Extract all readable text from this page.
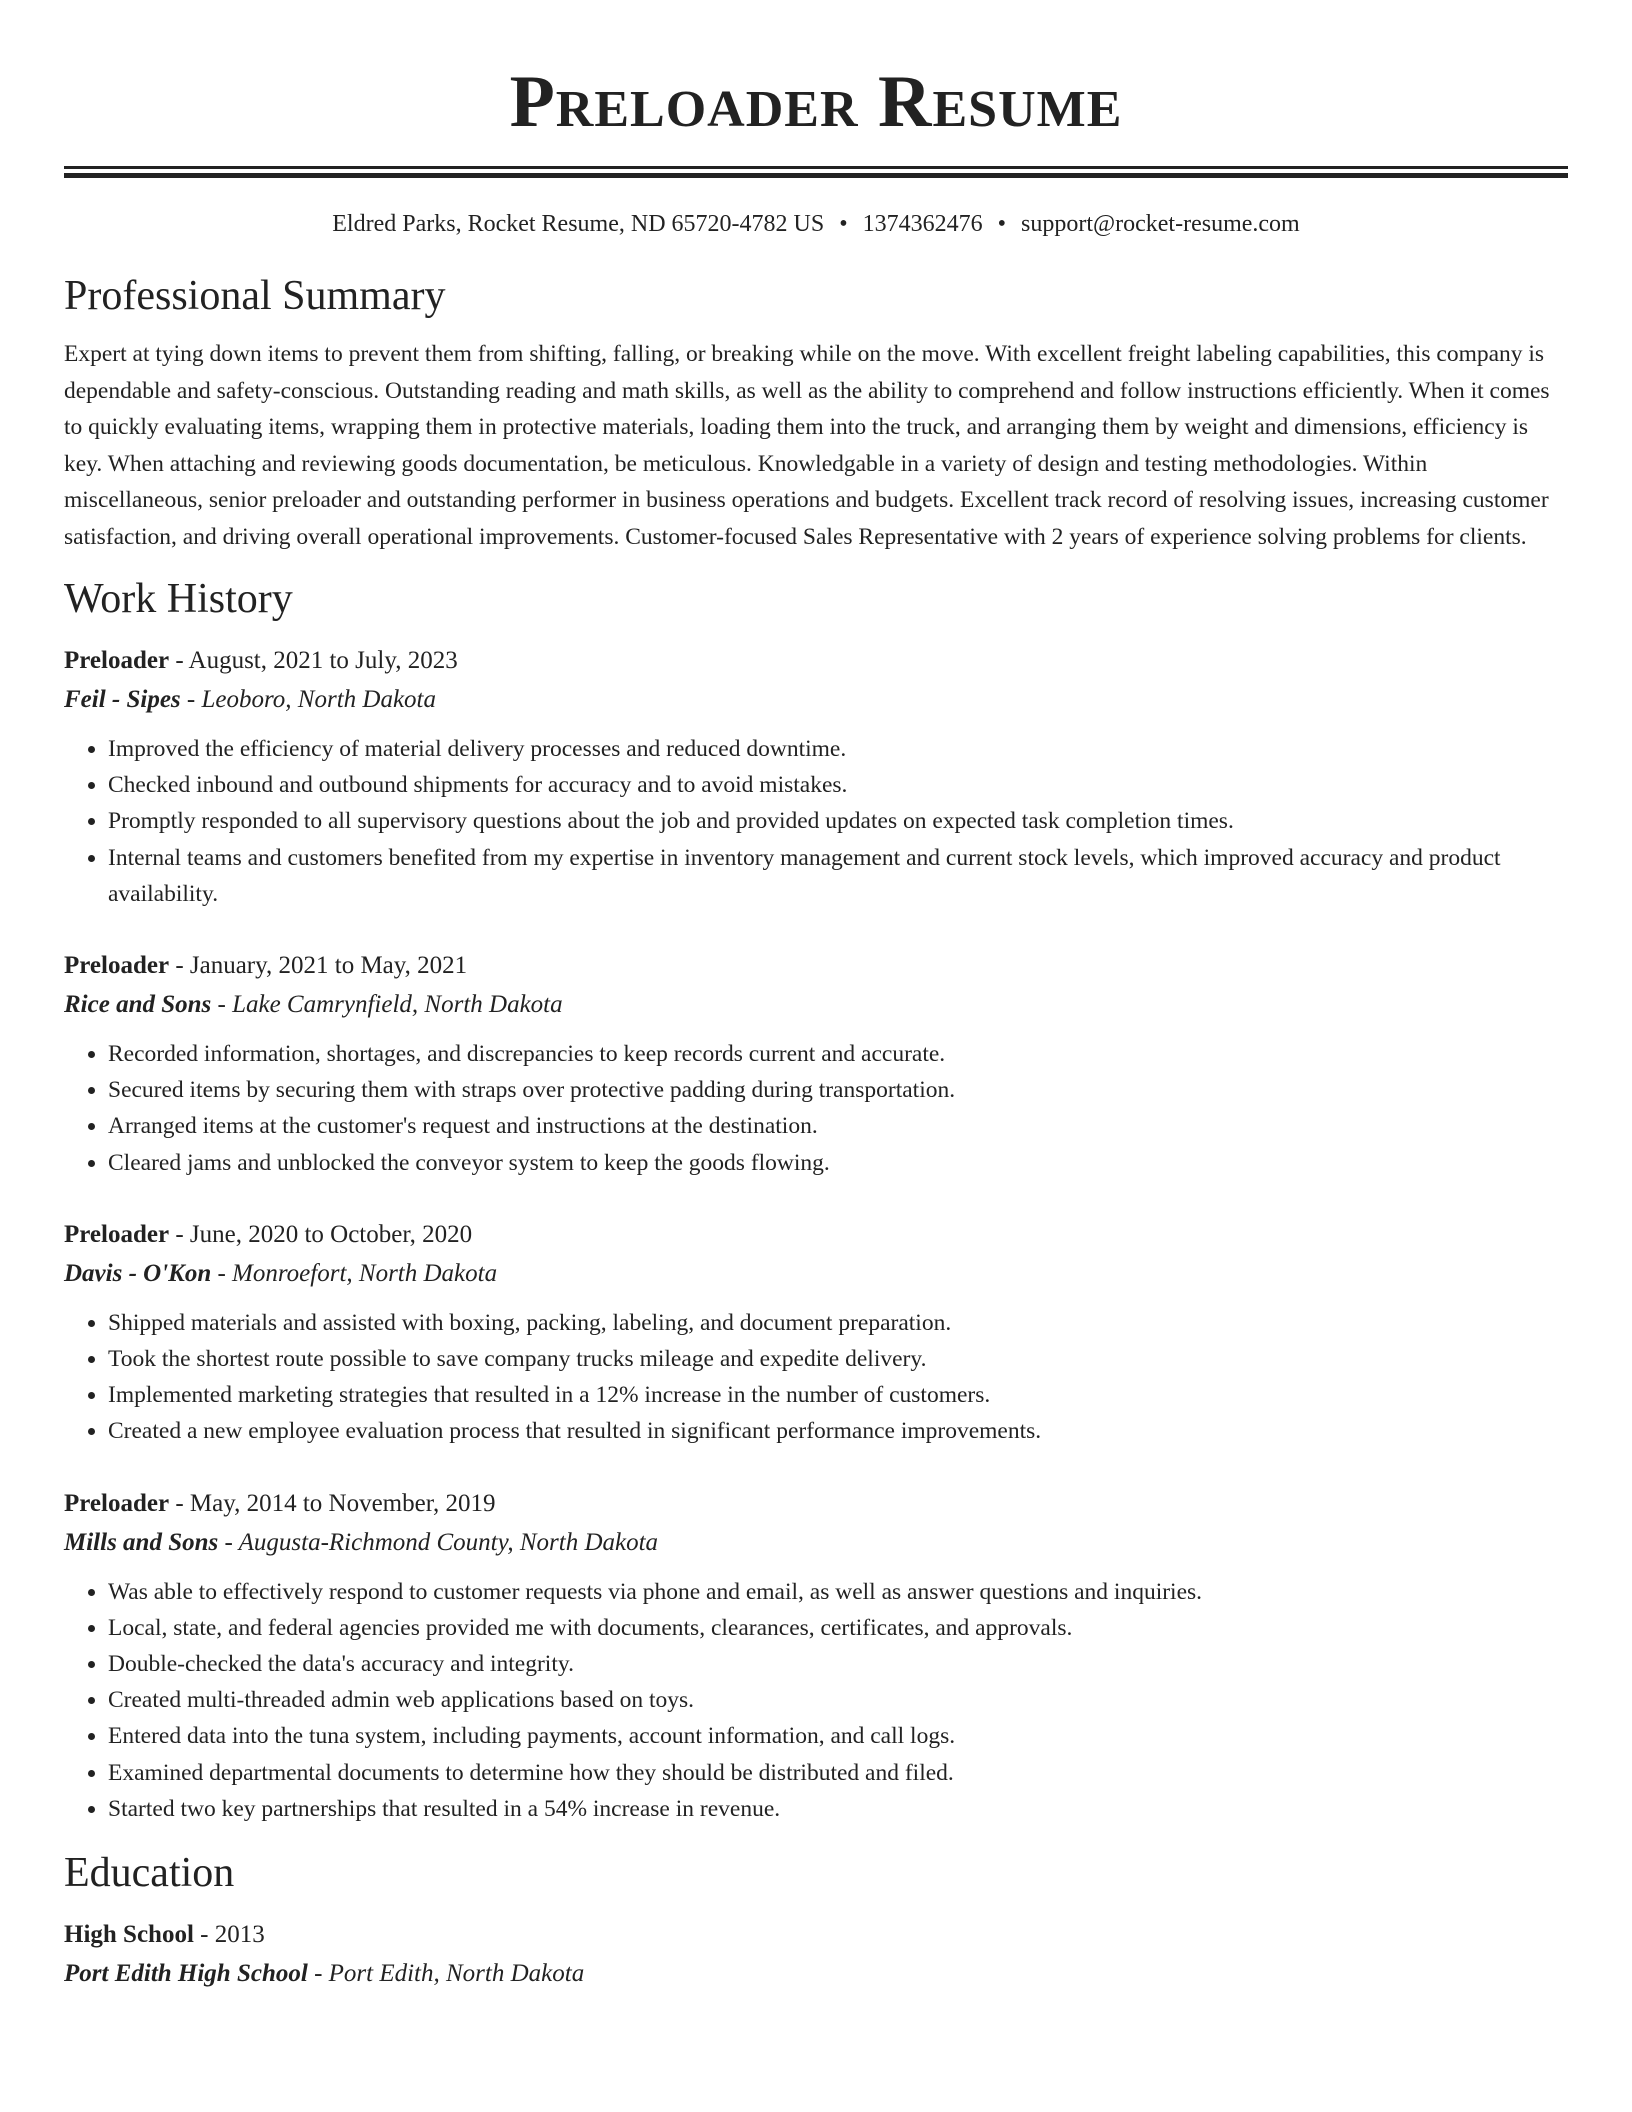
Preloader Resume
Eldred Parks, Rocket Resume, ND 65720-4782 US • 1374362476 • support@rocket-resume.com
Professional Summary

Expert at tying down items to prevent them from shifting, falling, or breaking while on the move. With excellent freight labeling capabilities, this company is dependable and safety-conscious. Outstanding reading and math skills, as well as the ability to comprehend and follow instructions efficiently. When it comes to quickly evaluating items, wrapping them in protective materials, loading them into the truck, and arranging them by weight and dimensions, efficiency is key. When attaching and reviewing goods documentation, be meticulous. Knowledgable in a variety of design and testing methodologies. Within miscellaneous, senior preloader and outstanding performer in business operations and budgets. Excellent track record of resolving issues, increasing customer satisfaction, and driving overall operational improvements. Customer-focused Sales Representative with 2 years of experience solving problems for clients.

Work History
Preloader - August, 2021 to July, 2023
Feil - Sipes - Leoboro, North Dakota
• Improved the efficiency of material delivery processes and reduced downtime.
• Checked inbound and outbound shipments for accuracy and to avoid mistakes.
• Promptly responded to all supervisory questions about the job and provided updates on expected task completion times.
• Internal teams and customers benefited from my expertise in inventory management and current stock levels, which improved accuracy and product availability.
Preloader - January, 2021 to May, 2021
Rice and Sons - Lake Camrynfield, North Dakota
• Recorded information, shortages, and discrepancies to keep records current and accurate.
• Secured items by securing them with straps over protective padding during transportation.
• Arranged items at the customer's request and instructions at the destination.
• Cleared jams and unblocked the conveyor system to keep the goods flowing.
Preloader - June, 2020 to October, 2020
Davis - O'Kon - Monroefort, North Dakota
• Shipped materials and assisted with boxing, packing, labeling, and document preparation.
• Took the shortest route possible to save company trucks mileage and expedite delivery.
• Implemented marketing strategies that resulted in a 12% increase in the number of customers.
• Created a new employee evaluation process that resulted in significant performance improvements.
Preloader - May, 2014 to November, 2019
Mills and Sons - Augusta-Richmond County, North Dakota
• Was able to effectively respond to customer requests via phone and email, as well as answer questions and inquiries.
• Local, state, and federal agencies provided me with documents, clearances, certificates, and approvals.
• Double-checked the data's accuracy and integrity.
• Created multi-threaded admin web applications based on toys.
• Entered data into the tuna system, including payments, account information, and call logs.
• Examined departmental documents to determine how they should be distributed and filed.
• Started two key partnerships that resulted in a 54% increase in revenue.
Education
High School - 2013
Port Edith High School - Port Edith, North Dakota
